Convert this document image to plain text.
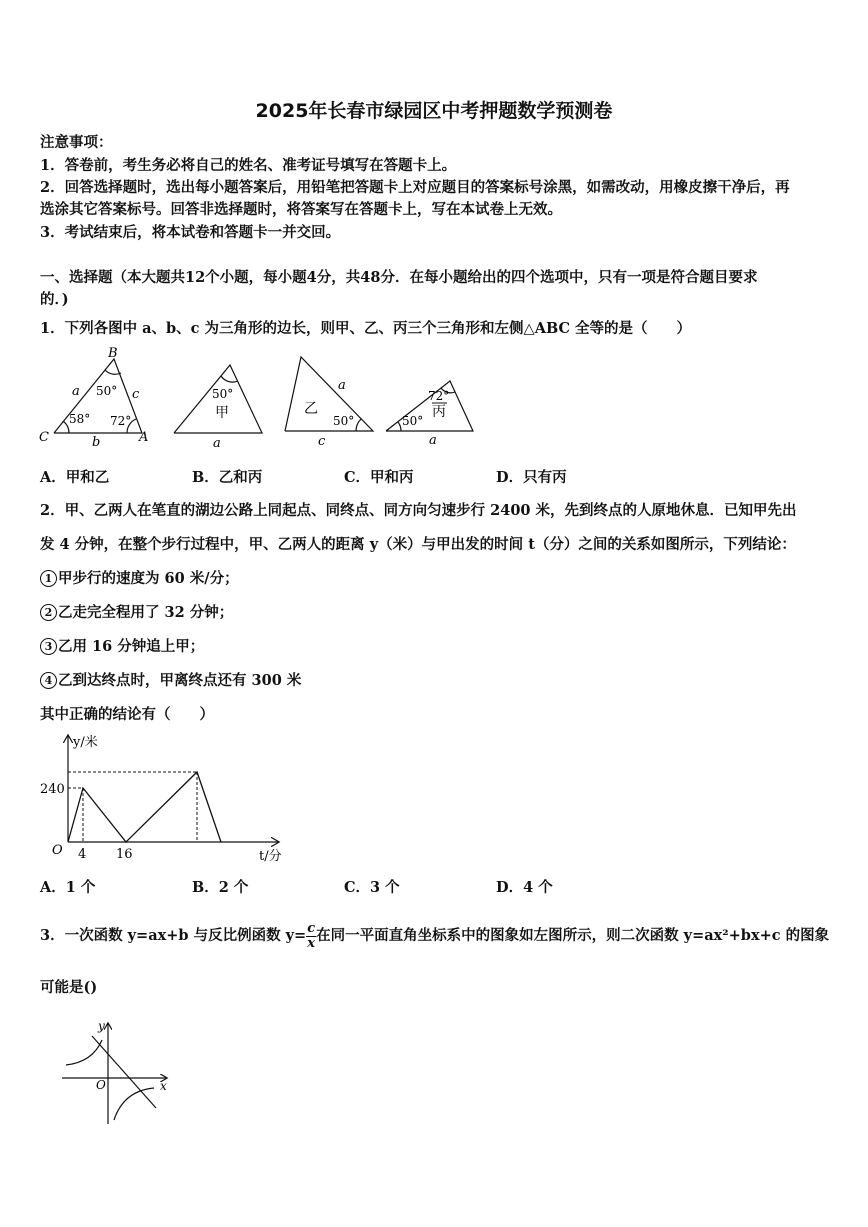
2025年长春市绿园区中考押题数学预测卷
注意事项：
1．答卷前，考生务必将自己的姓名、准考证号填写在答题卡上。
2．回答选择题时，选出每小题答案后，用铅笔把答题卡上对应题目的答案标号涂黑，如需改动，用橡皮擦干净后，再
选涂其它答案标号。回答非选择题时，将答案写在答题卡上，写在本试卷上无效。
3．考试结束后，将本试卷和答题卡一并交回。
一、选择题（本大题共12个小题，每小题4分，共48分．在每小题给出的四个选项中，只有一项是符合题目要求
的．)
1．下列各图中 a、b、c 为三角形的边长，则甲、乙、丙三个三角形和左侧△ABC 全等的是（　　）
B
C	A
a	c
b
50°
58° 72°
50°
甲
a
a
乙
50°
c
72°
丙
50°
a
A．甲和乙	B．乙和丙	C．甲和丙	D．只有丙
2．甲、乙两人在笔直的湖边公路上同起点、同终点、同方向匀速步行 2400 米，先到终点的人原地休息．已知甲先出
发 4 分钟，在整个步行过程中，甲、乙两人的距离 y（米）与甲出发的时间 t（分）之间的关系如图所示，下列结论：
1 甲步行的速度为 60 米/分；
2 乙走完全程用了 32 分钟；
3 乙用 16 分钟追上甲；
4 乙到达终点时，甲离终点还有 300 米
其中正确的结论有（　　）
y/米
t/分
O
240
4 16
A．1 个	B．2 个	C．3 个	D．4 个
3．一次函数 y=ax+b 与反比例函数 $y= \frac{c}{x}$ 在同一平面直角坐标系中的图象如左图所示，则二次函数 y=ax²+bx+c 的图象
可能是()
x
y
O
